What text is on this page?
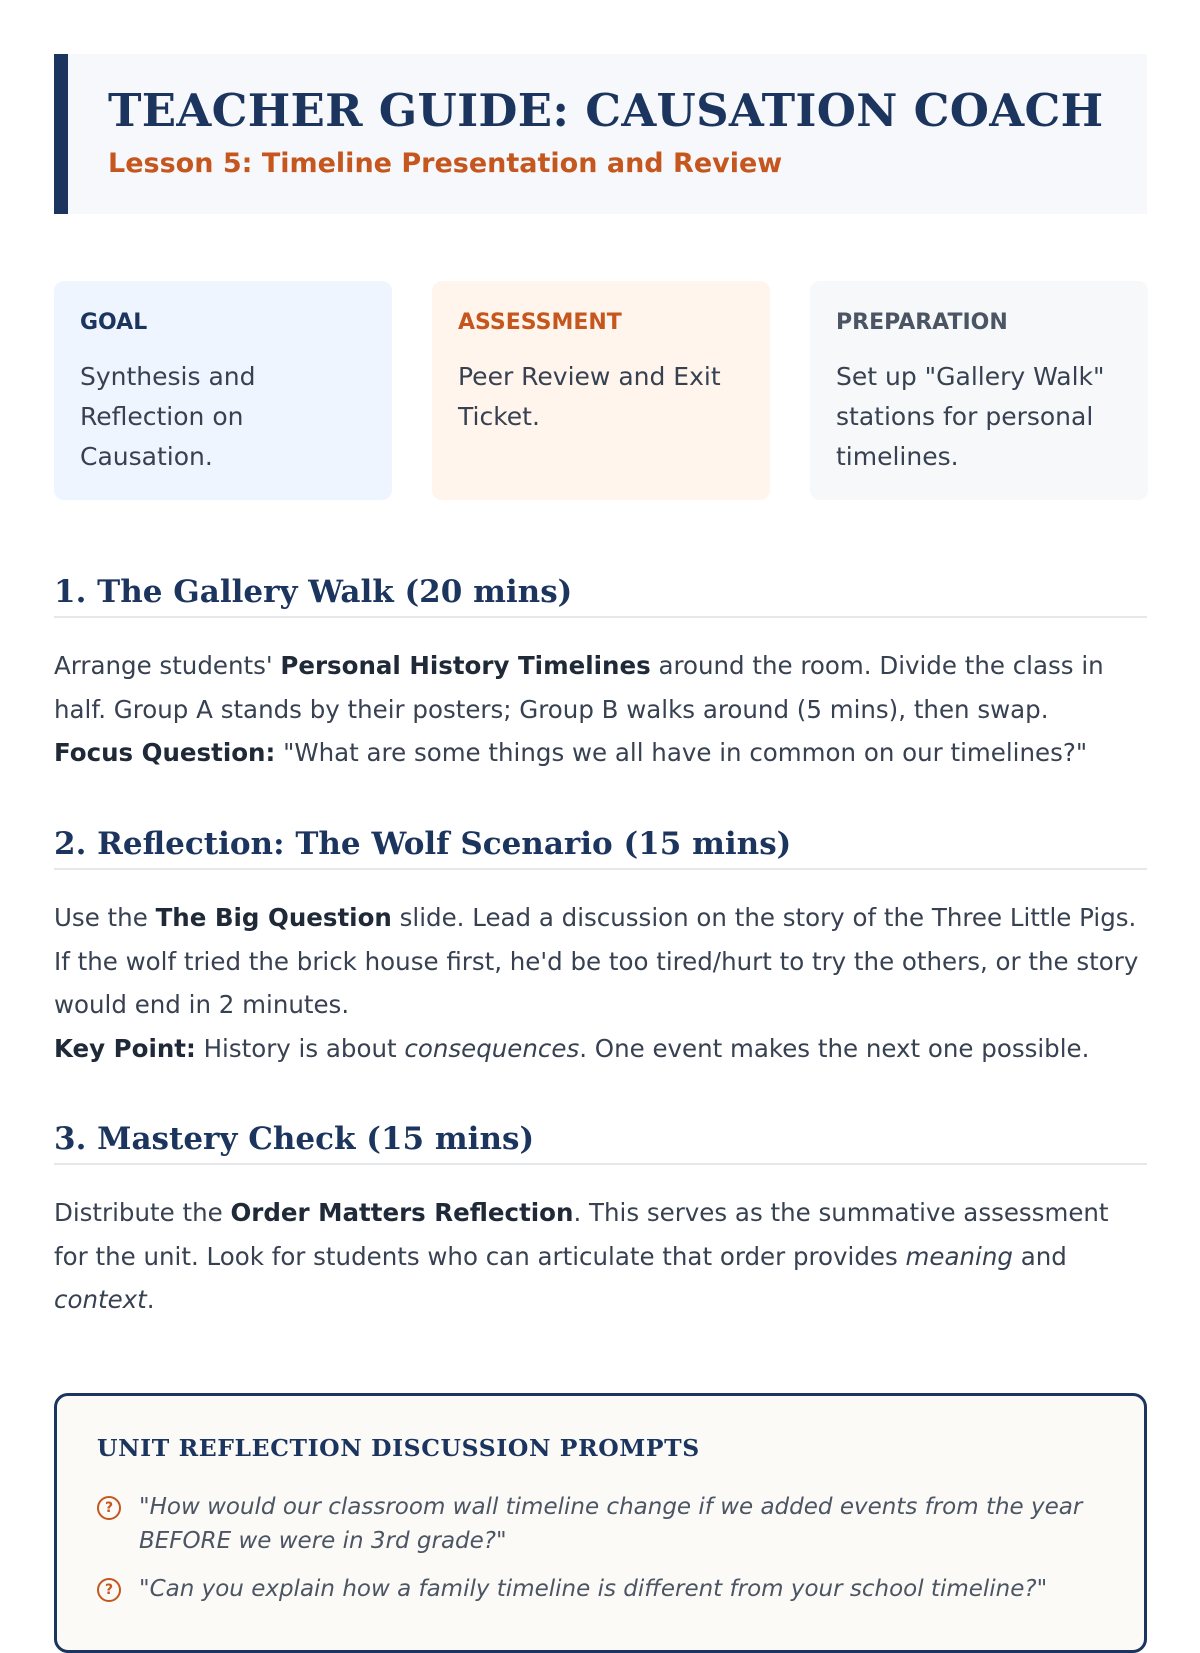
TEACHER GUIDE: CAUSATION COACH
Lesson 5: Timeline Presentation and Review
GOAL
Synthesis and Reflection on Causation.
ASSESSMENT
Peer Review and Exit Ticket.
PREPARATION
Set up "Gallery Walk" stations for personal timelines.
1. The Gallery Walk (20 mins)
Arrange students' Personal History Timelines around the room. Divide the class in half. Group A stands by their posters; Group B walks around (5 mins), then swap.
Focus Question: "What are some things we all have in common on our timelines?"
2. Reflection: The Wolf Scenario (15 mins)
Use the The Big Question slide. Lead a discussion on the story of the Three Little Pigs. If the wolf tried the brick house first, he'd be too tired/hurt to try the others, or the story would end in 2 minutes.
Key Point: History is about consequences. One event makes the next one possible.
3. Mastery Check (15 mins)
Distribute the Order Matters Reflection. This serves as the summative assessment for the unit. Look for students who can articulate that order provides meaning and context.
UNIT REFLECTION DISCUSSION PROMPTS
?	"How would our classroom wall timeline change if we added events from the year BEFORE we were in 3rd grade?"
?	"Can you explain how a family timeline is different from your school timeline?"
